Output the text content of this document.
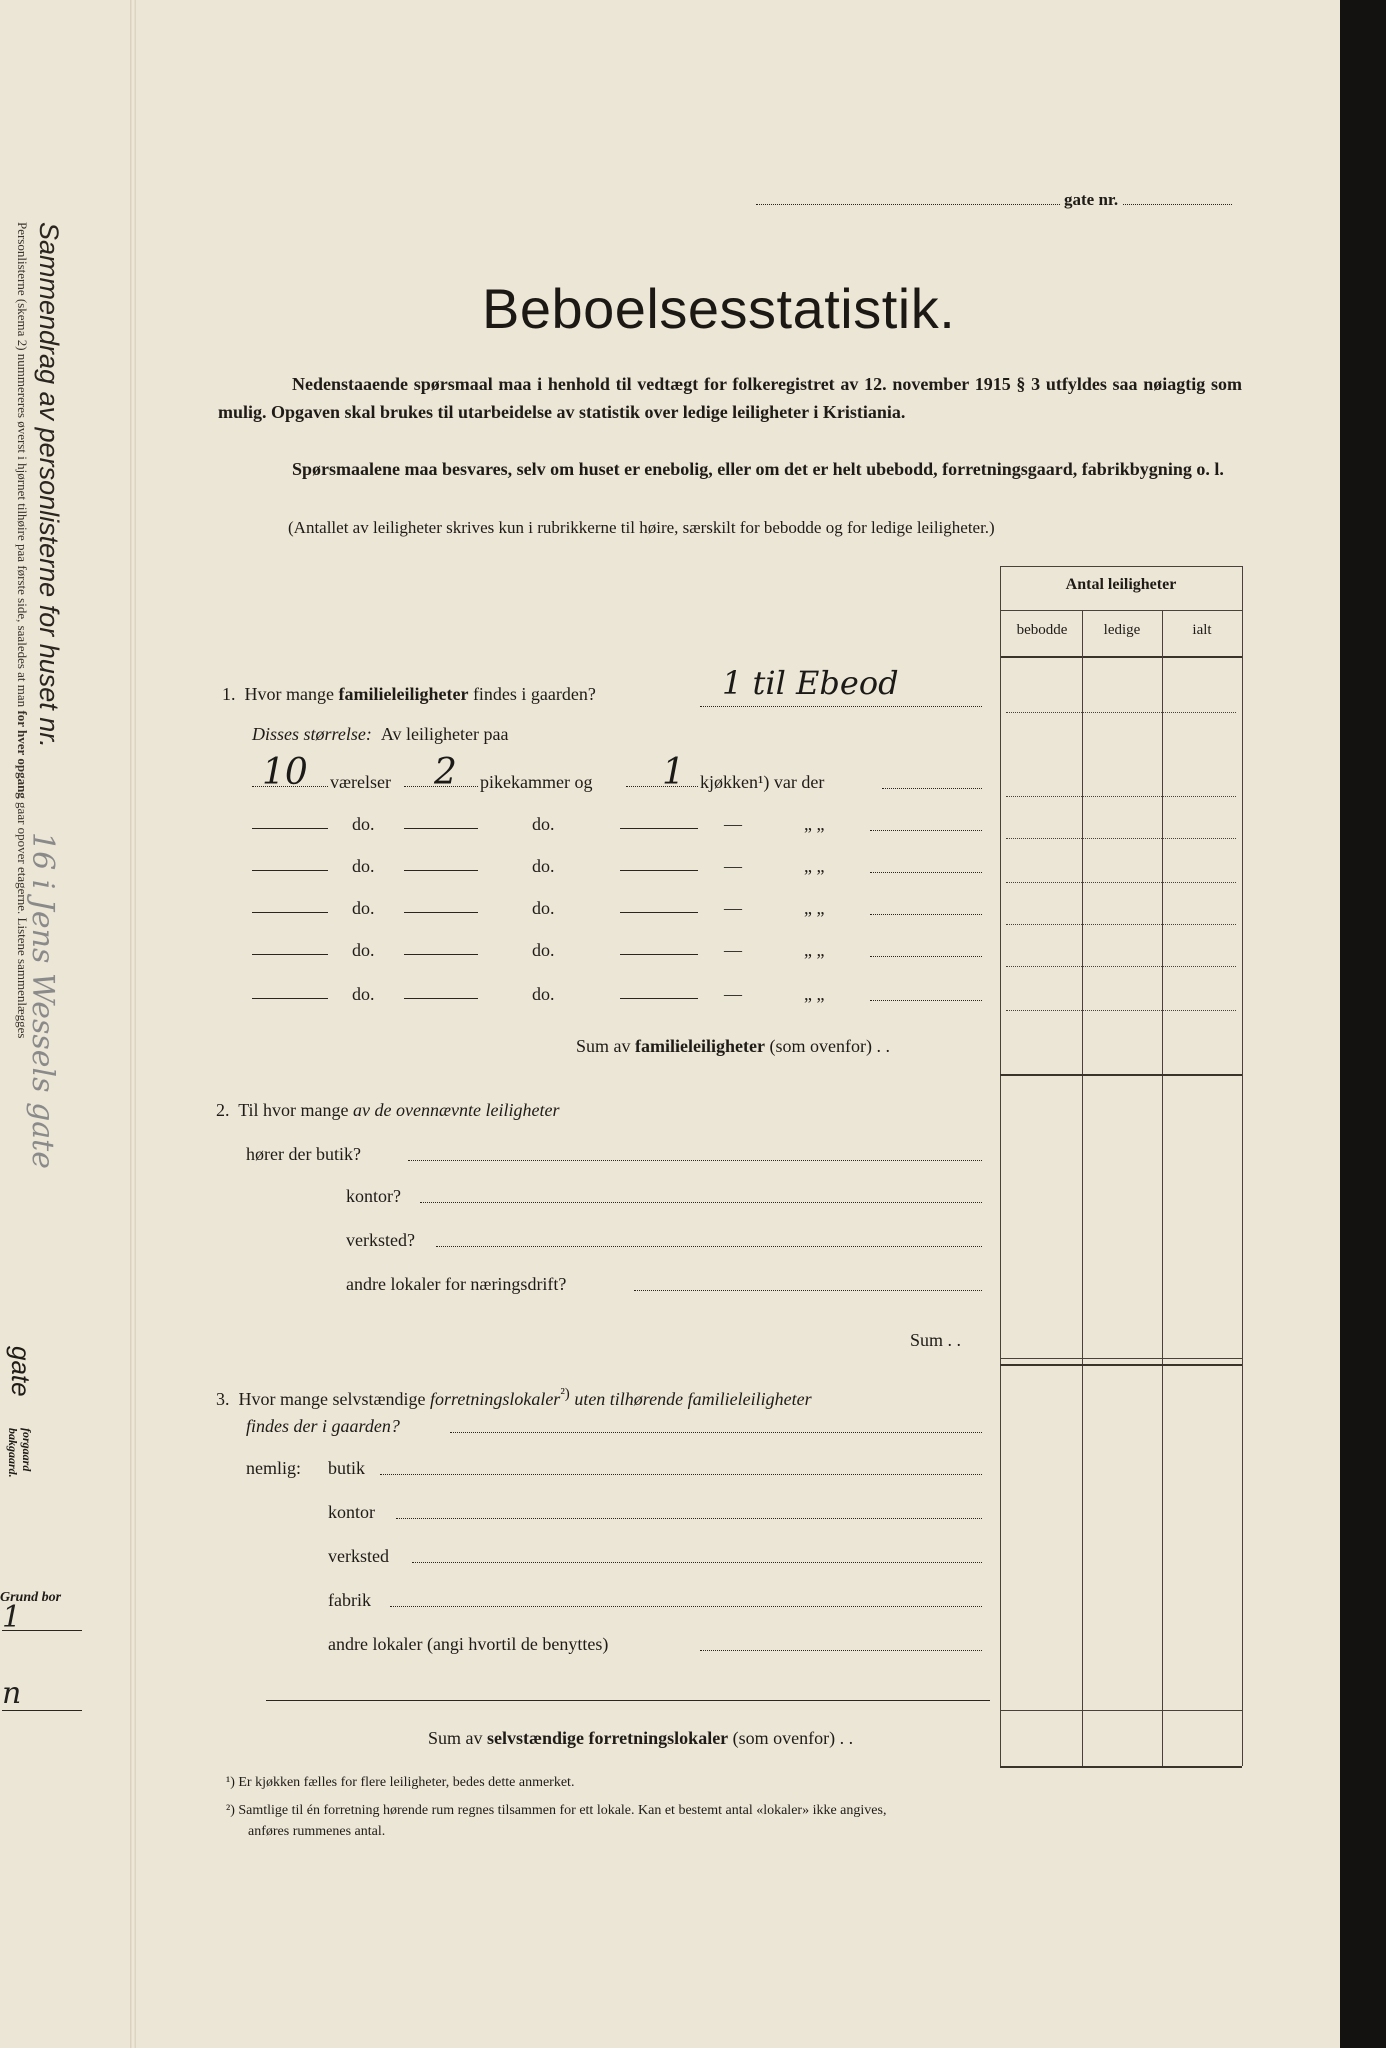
Sammendrag av personlisterne for huset nr.
Personlisterne (skema 2) nummereres øverst i hjørnet tilhøire paa første side, saaledes at man for hver opgang gaar opover etagerne. Listene sammenlægges
16 i Jens Wessels gate
gate
forgaard
bakgaard.
Grund bor
1
n
gate nr.
Beboelsesstatistik.
Nedenstaaende spørsmaal maa i henhold til vedtægt for folkeregistret av 12. november 1915 § 3 utfyldes saa nøiagtig som mulig. Opgaven skal brukes til utarbeidelse av statistik over ledige leiligheter i Kristiania.
Spørsmaalene maa besvares, selv om huset er enebolig, eller om det er helt ubebodd, forretningsgaard, fabrikbygning o. l.
(Antallet av leiligheter skrives kun i rubrikkerne til høire, særskilt for bebodde og for ledige leiligheter.)
Antal leiligheter
bebodde	ledige	ialt
1. Hvor mange familieleiligheter findes i gaarden?	1 til Ebeod
Disses størrelse: Av leiligheter paa
10 værelser 2 pikekammer og 1 kjøkken¹) var der
do.	do.	—	„ „
do.	do.	—	„ „
do.	do.	—	„ „
do.	do.	—	„ „
do.	do.	—	„ „
Sum av familieleiligheter (som ovenfor) . .
2. Til hvor mange av de ovennævnte leiligheter
hører der butik?
kontor?
verksted?
andre lokaler for næringsdrift?
Sum . .
3. Hvor mange selvstændige forretningslokaler$^{^2)}$ uten tilhørende familieleiligheter
findes der i gaarden?
nemlig: butik
kontor
verksted
fabrik
andre lokaler (angi hvortil de benyttes)
Sum av selvstændige forretningslokaler (som ovenfor) . .
¹) Er kjøkken fælles for flere leiligheter, bedes dette anmerket.
²) Samtlige til én forretning hørende rum regnes tilsammen for ett lokale. Kan et bestemt antal «lokaler» ikke angives,
anføres rummenes antal.
